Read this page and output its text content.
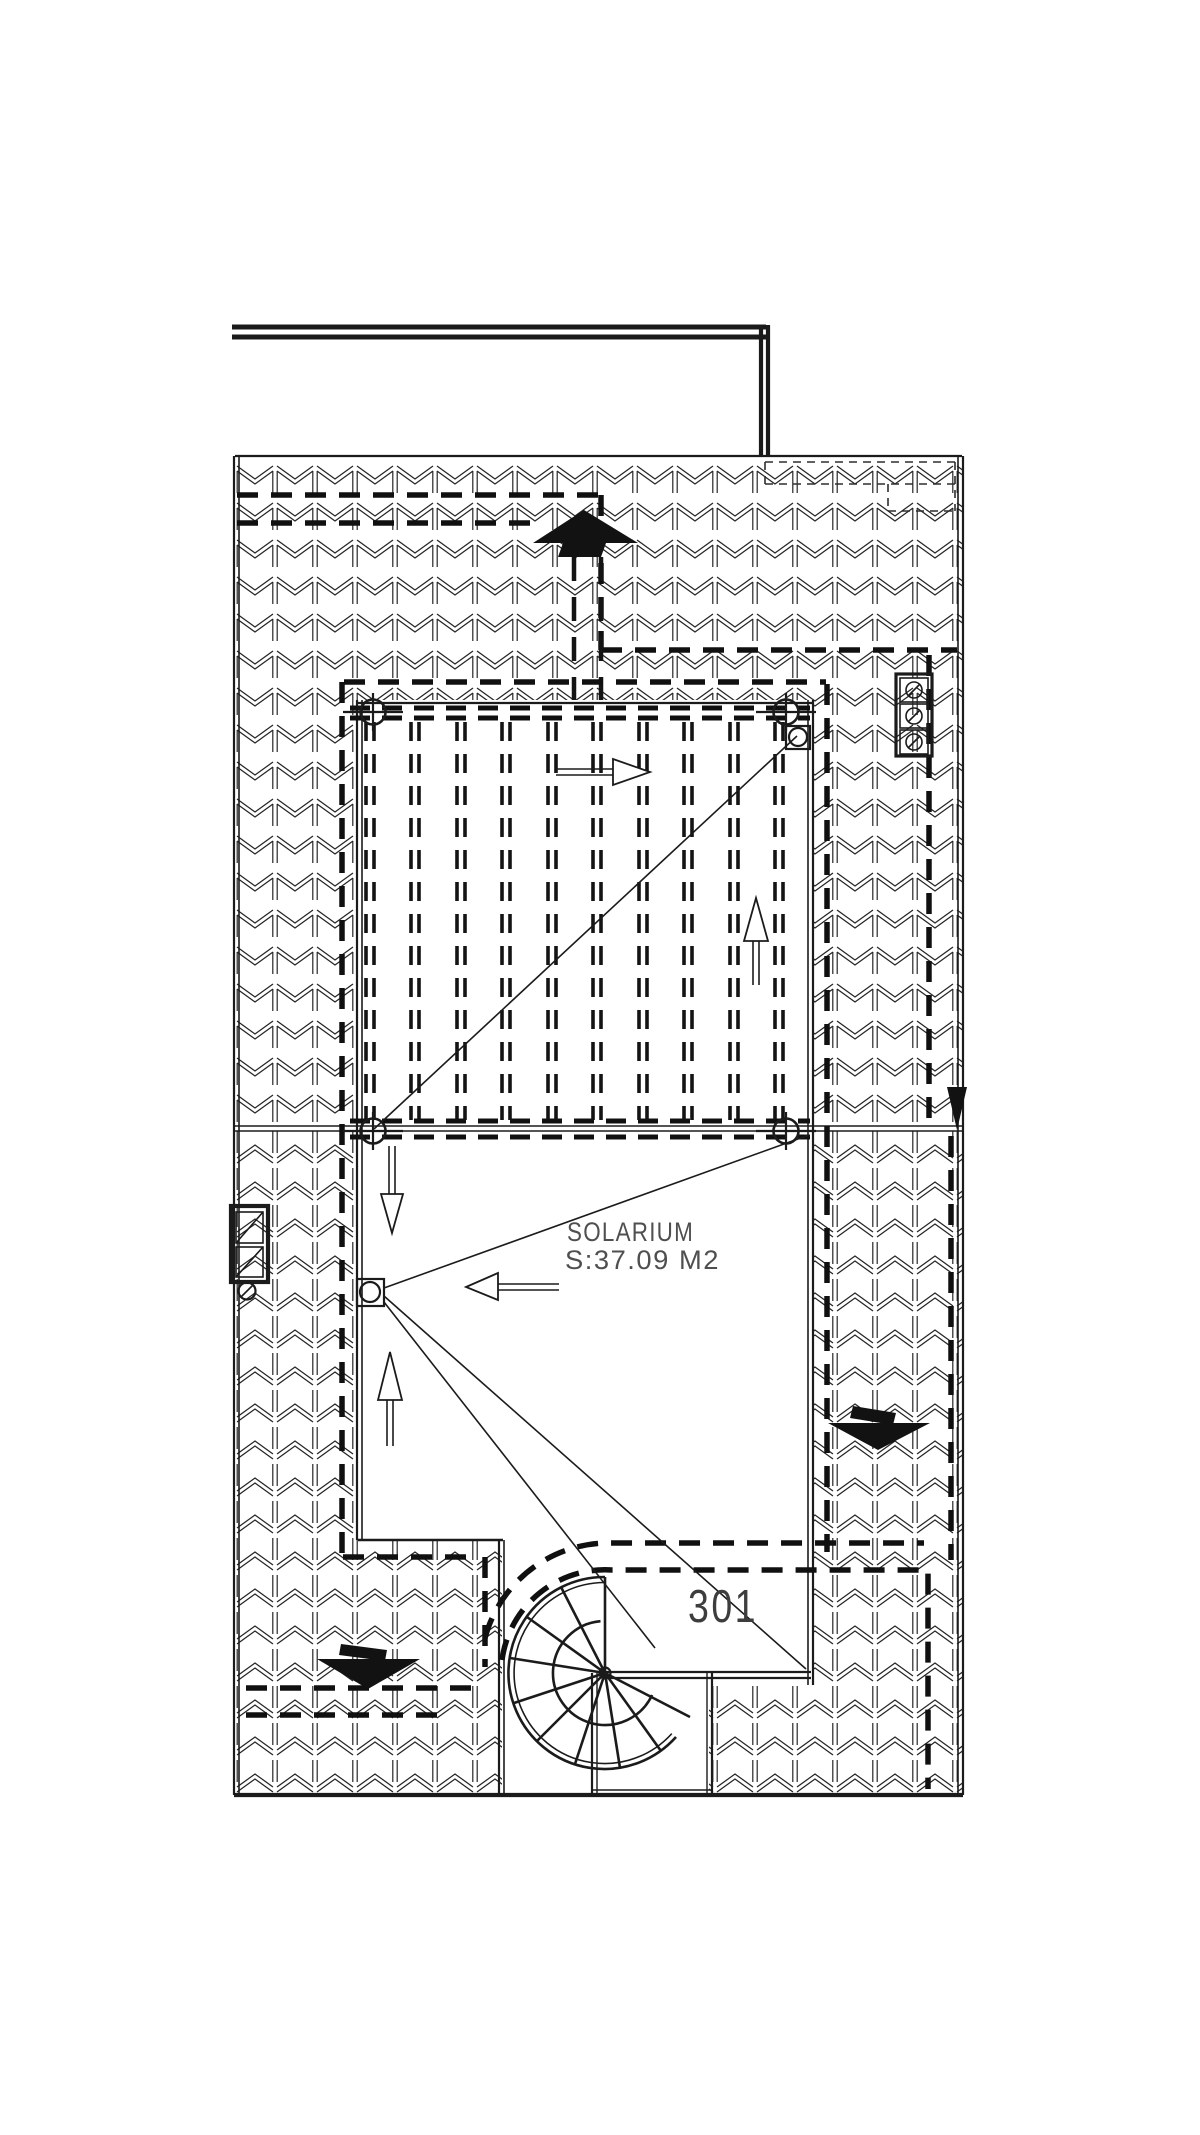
SOLARIUM
S:37.09 M2
301
